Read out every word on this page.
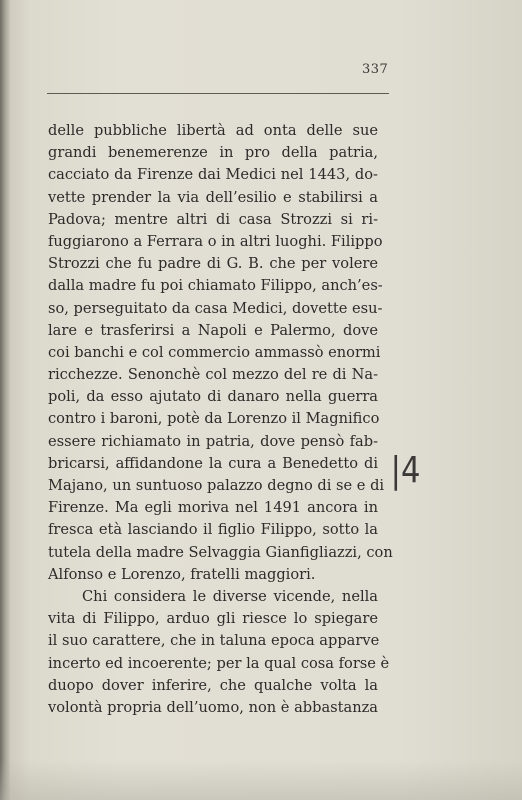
337
delle pubbliche libertà ad onta delle sue
grandi benemerenze in pro della patria,
cacciato da Firenze dai Medici nel 1443, do-
vette prender la via dell’esilio e stabilirsi a
Padova; mentre altri di casa Strozzi si ri-
fuggiarono a Ferrara o in altri luoghi. Filippo
Strozzi che fu padre di G. B. che per volere
dalla madre fu poi chiamato Filippo, anch’es-
so, perseguitato da casa Medici, dovette esu-
lare e trasferirsi a Napoli e Palermo, dove
coi banchi e col commercio ammassò enormi
ricchezze. Senonchè col mezzo del re di Na-
poli, da esso ajutato di danaro nella guerra
contro i baroni, potè da Lorenzo il Magnifico
essere richiamato in patria, dove pensò fab-
bricarsi, affidandone la cura a Benedetto di
Majano, un suntuoso palazzo degno di se e di
Firenze. Ma egli moriva nel 1491 ancora in
fresca età lasciando il figlio Filippo, sotto la
tutela della madre Selvaggia Gianfigliazzi, con
Alfonso e Lorenzo, fratelli maggiori.
Chi considera le diverse vicende, nella
vita di Filippo, arduo gli riesce lo spiegare
il suo carattere, che in taluna epoca apparve
incerto ed incoerente; per la qual cosa forse è
duopo dover inferire, che qualche volta la
volontà propria dell’uomo, non è abbastanza
|4
